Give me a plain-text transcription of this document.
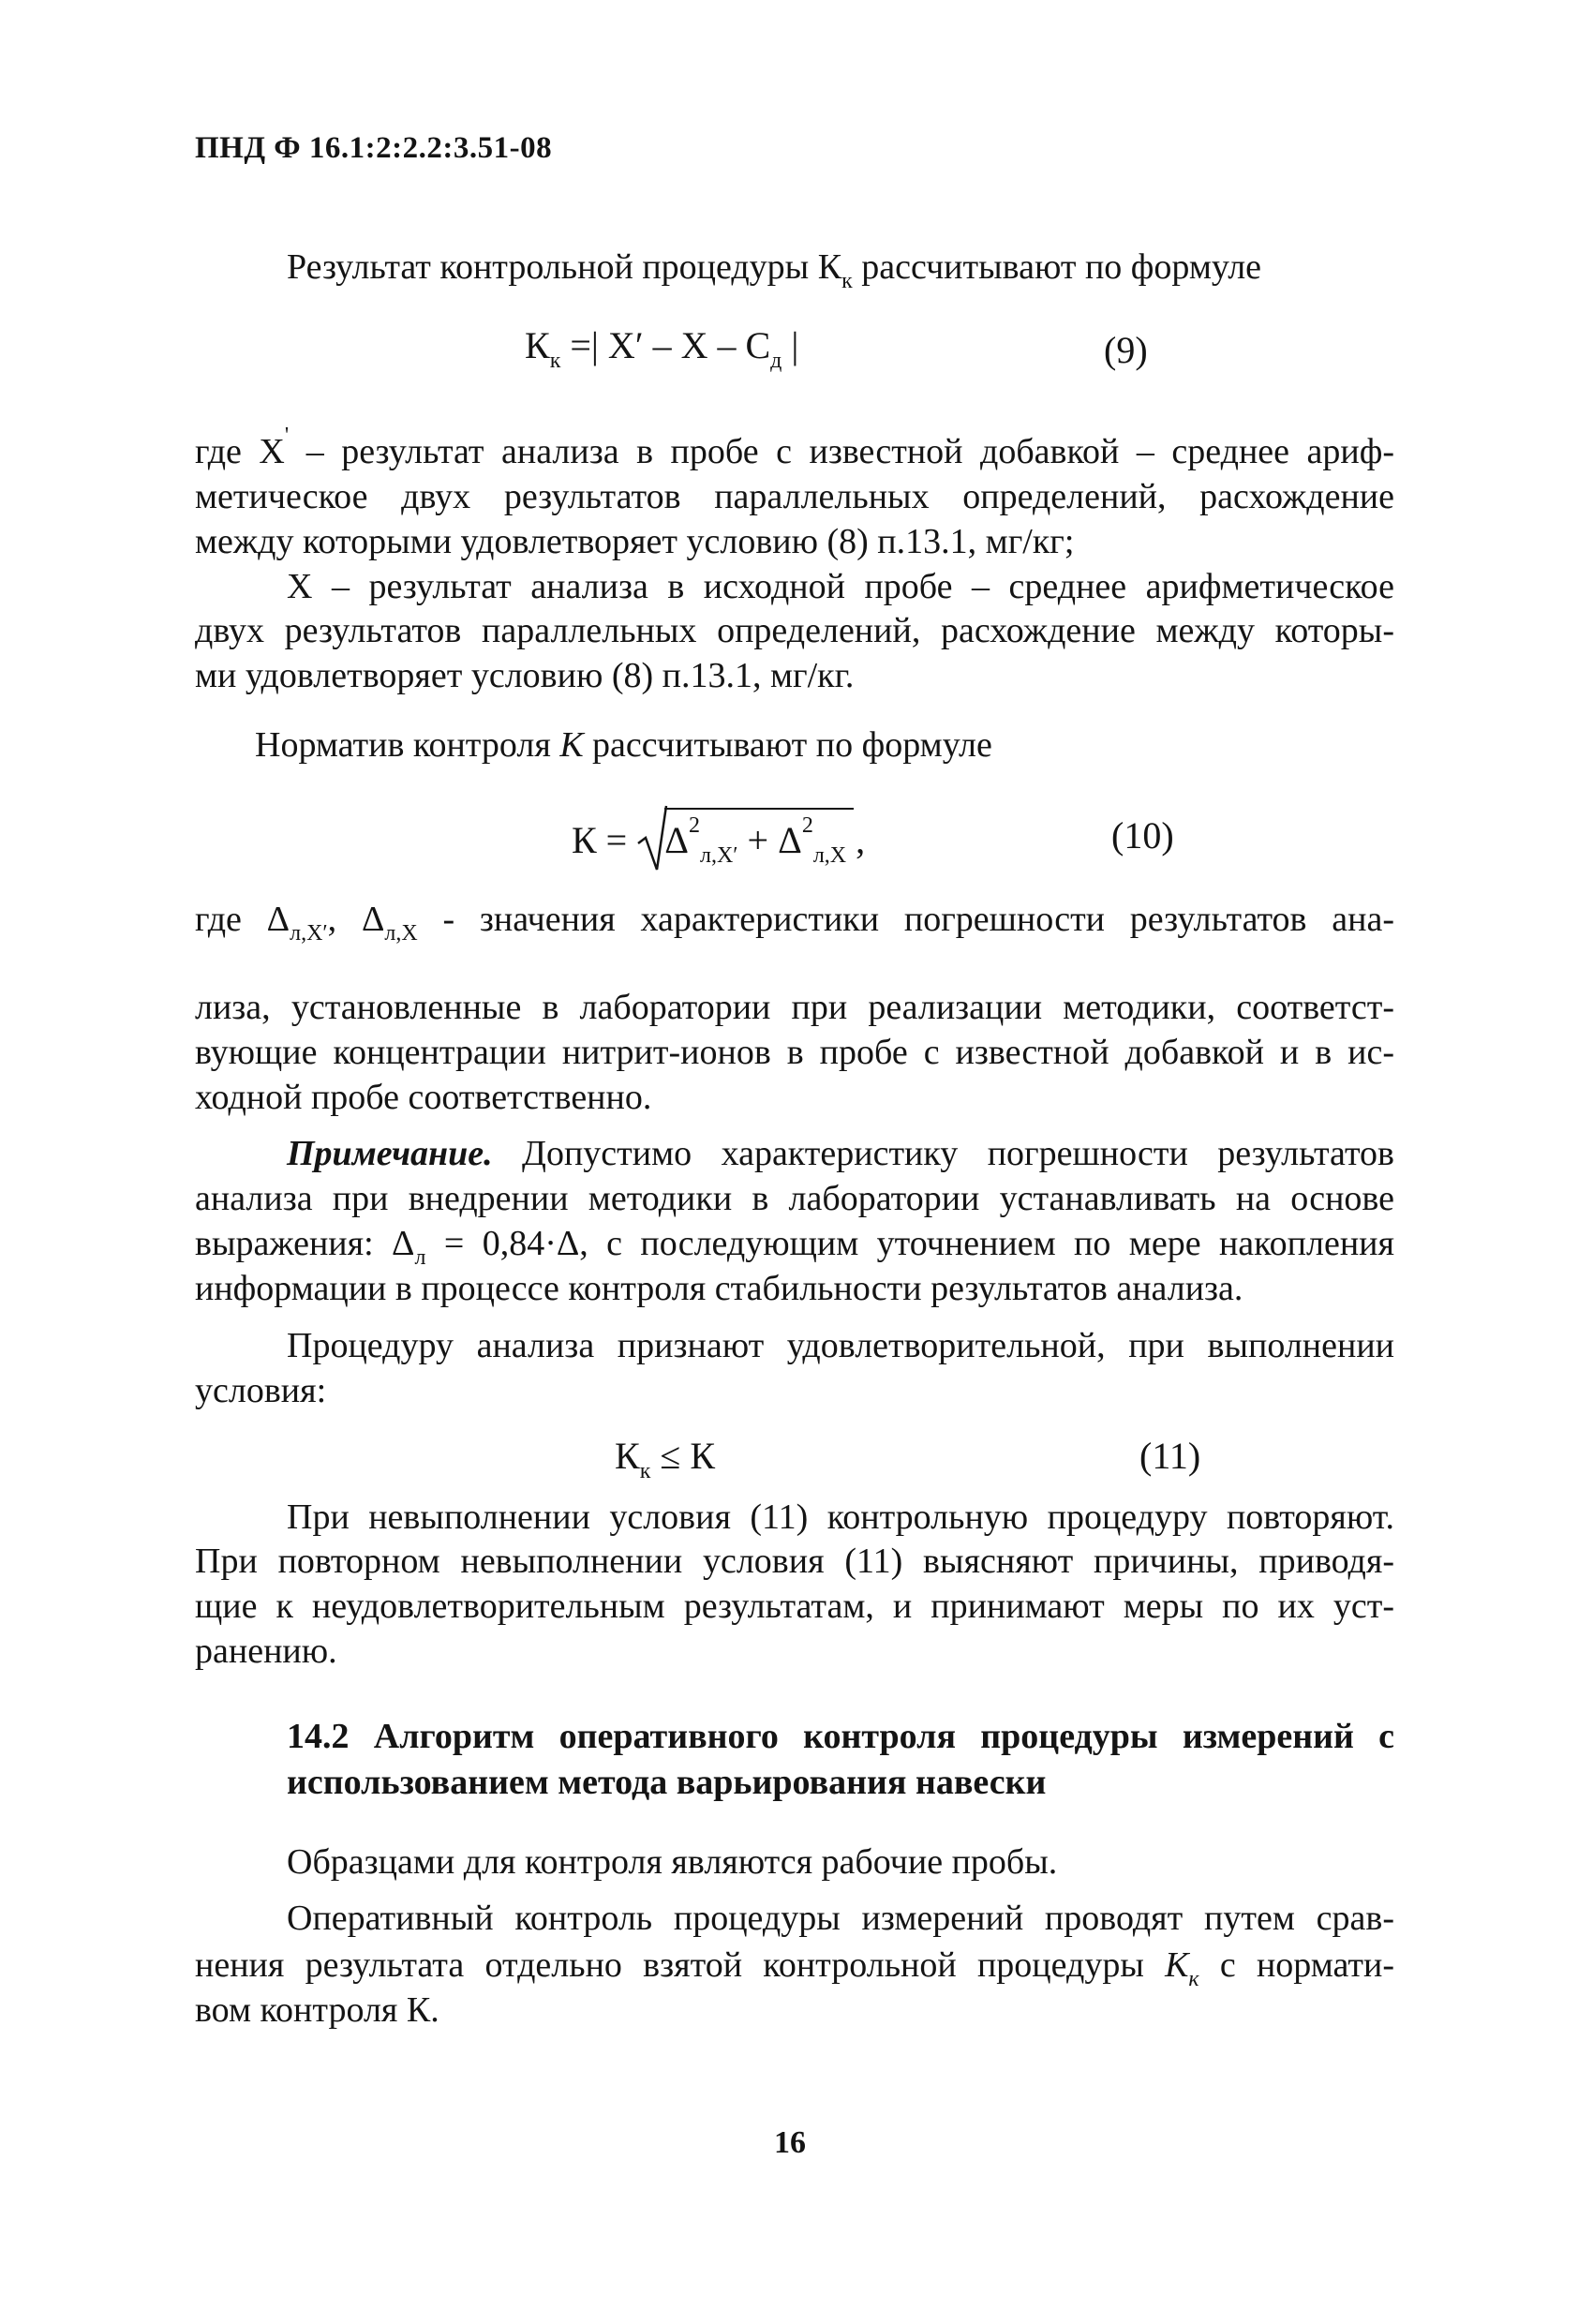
ПНД Ф 16.1:2:2.2:3.51-08
Результат контрольной процедуры $К_к$ рассчитывают по формуле
$К_к$ =| Х′ – Х – $С_д$ |	(9)
где Х' – результат анализа в пробе с известной добавкой – среднее ариф-
метическое двух результатов параллельных определений, расхождение
между которыми удовлетворяет условию (8) п.13.1, мг/кг;
Х – результат анализа в исходной пробе – среднее арифметическое
двух результатов параллельных определений, расхождение между которы-
ми удовлетворяет условию (8) п.13.1, мг/кг.
Норматив контроля К рассчитывают по формуле
К =
$\Delta^2_{л,Х'} + \Delta^2_{л,Х}$ ,	(10)
где $\Delta_{л,Х'}$, $\Delta_{л,Х}$ - значения характеристики погрешности результатов ана-
лиза, установленные в лаборатории при реализации методики, соответст-
вующие концентрации нитрит-ионов в пробе с известной добавкой и в ис-
ходной пробе соответственно.
Примечание. Допустимо характеристику погрешности результатов
анализа при внедрении методики в лаборатории устанавливать на основе
выражения: $\Delta_л = 0,84\cdot\Delta$, с последующим уточнением по мере накопления
информации в процессе контроля стабильности результатов анализа.
Процедуру анализа признают удовлетворительной, при выполнении
условия:
$К_к \le К$	(11)
При невыполнении условия (11) контрольную процедуру повторяют.
При повторном невыполнении условия (11) выясняют причины, приводя-
щие к неудовлетворительным результатам, и принимают меры по их уст-
ранению.
14.2 Алгоритм оперативного контроля процедуры измерений с
использованием метода варьирования навески
Образцами для контроля являются рабочие пробы.
Оперативный контроль процедуры измерений проводят путем срав-
нения результата отдельно взятой контрольной процедуры $К_к$ с нормати-
вом контроля К.
16
